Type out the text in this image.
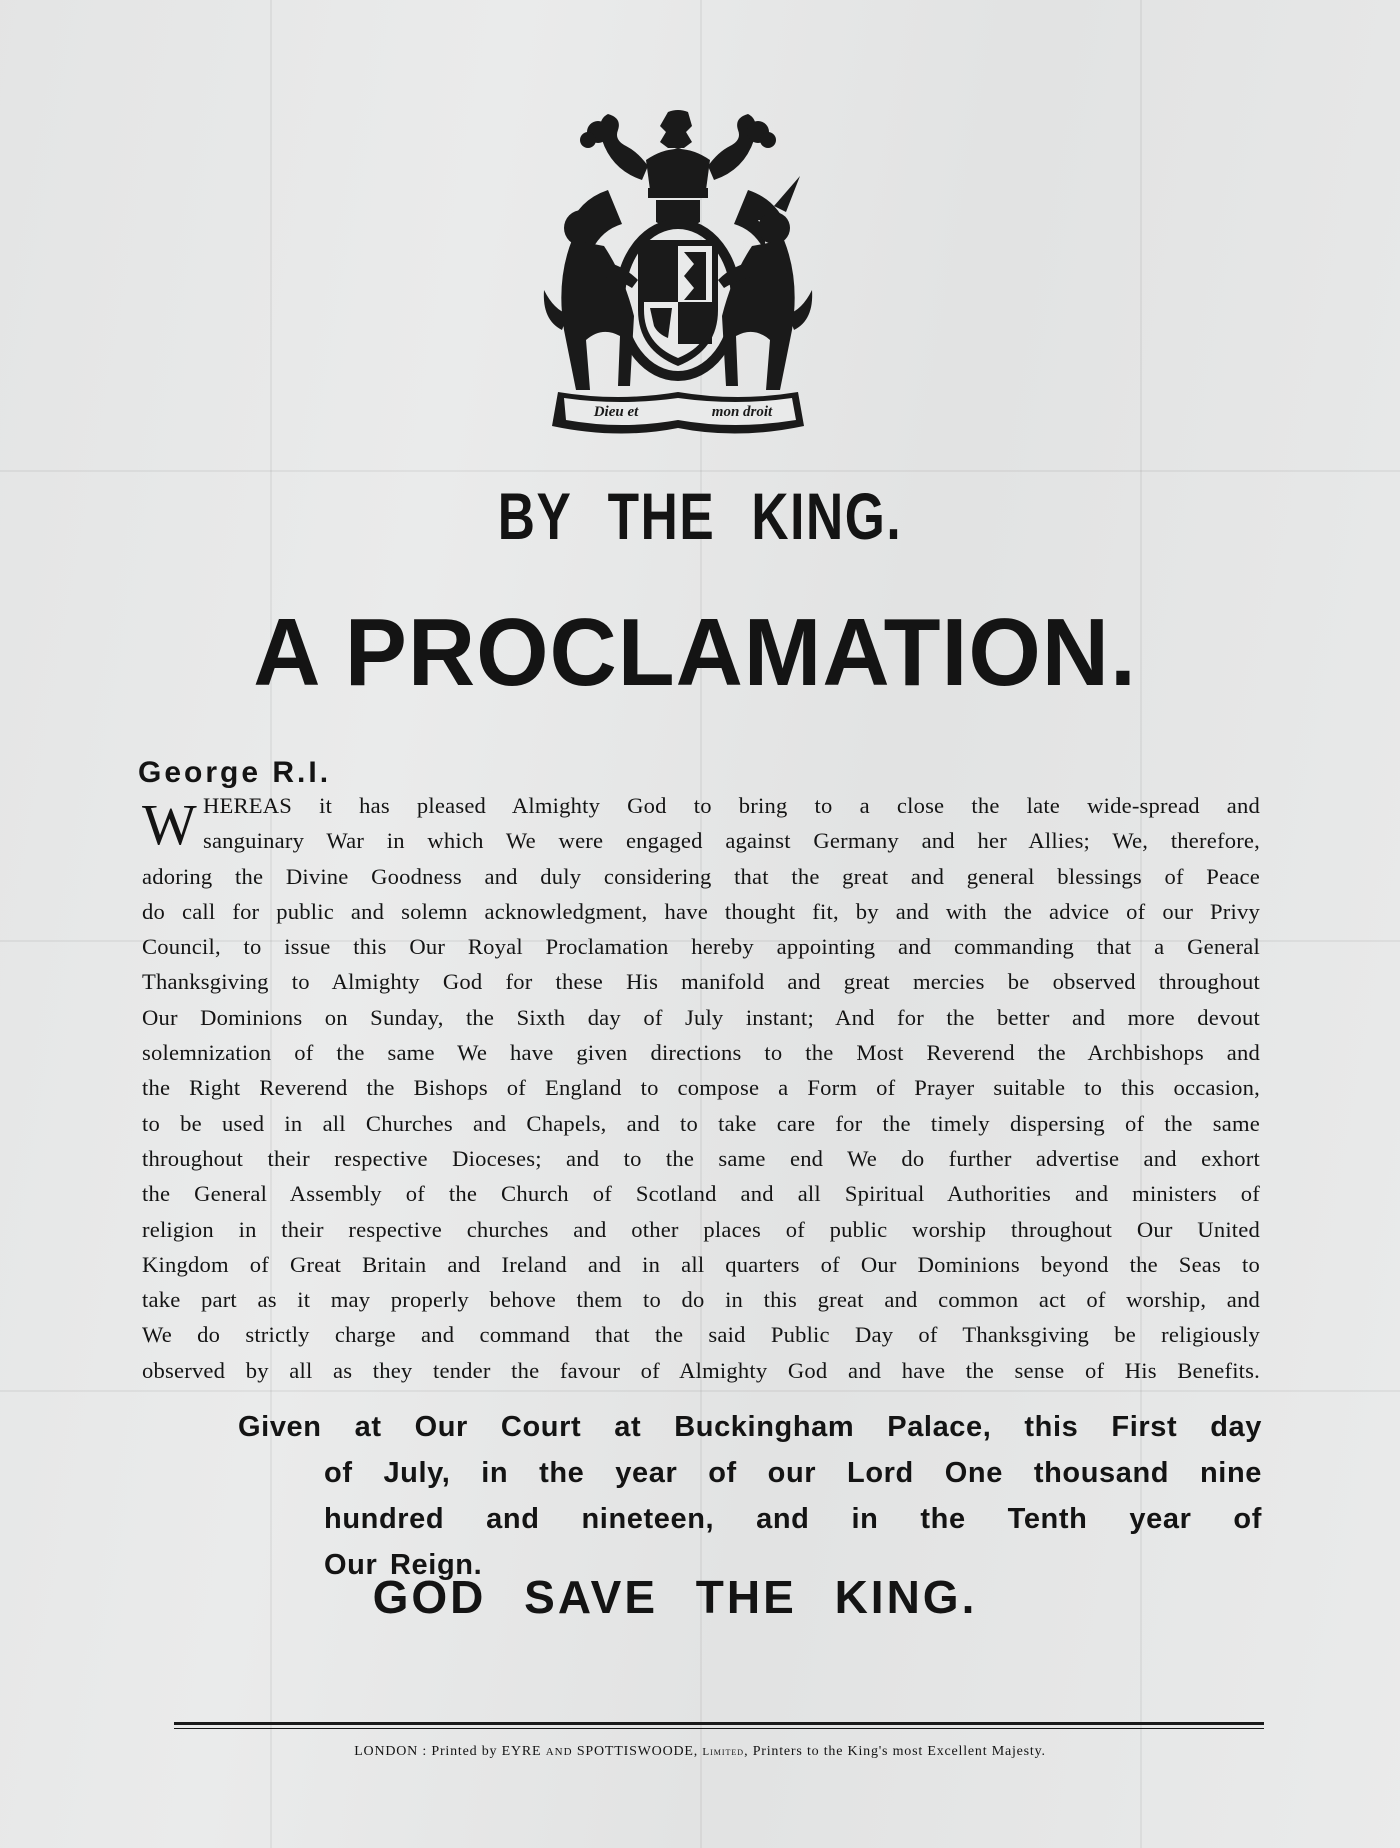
Dieu et	mon droit
BY THE KING.
A PROCLAMATION.
George R.I.
W HEREAS it has pleased Almighty God to bring to a close the late wide-spread and
sanguinary War in which We were engaged against Germany and her Allies; We, therefore,
adoring the Divine Goodness and duly considering that the great and general blessings of Peace
do call for public and solemn acknowledgment, have thought fit, by and with the advice of our Privy
Council, to issue this Our Royal Proclamation hereby appointing and commanding that a General
Thanksgiving to Almighty God for these His manifold and great mercies be observed throughout
Our Dominions on Sunday, the Sixth day of July instant; And for the better and more devout
solemnization of the same We have given directions to the Most Reverend the Archbishops and
the Right Reverend the Bishops of England to compose a Form of Prayer suitable to this occasion,
to be used in all Churches and Chapels, and to take care for the timely dispersing of the same
throughout their respective Dioceses; and to the same end We do further advertise and exhort
the General Assembly of the Church of Scotland and all Spiritual Authorities and ministers of
religion in their respective churches and other places of public worship throughout Our United
Kingdom of Great Britain and Ireland and in all quarters of Our Dominions beyond the Seas to
take part as it may properly behove them to do in this great and common act of worship, and
We do strictly charge and command that the said Public Day of Thanksgiving be religiously
observed by all as they tender the favour of Almighty God and have the sense of His Benefits.
Given at Our Court at Buckingham Palace, this First day
of July, in the year of our Lord One thousand nine
hundred and nineteen, and in the Tenth year of
Our Reign.
GOD SAVE THE KING.
LONDON : Printed by EYRE AND SPOTTISWOODE, Limited, Printers to the King's most Excellent Majesty.
